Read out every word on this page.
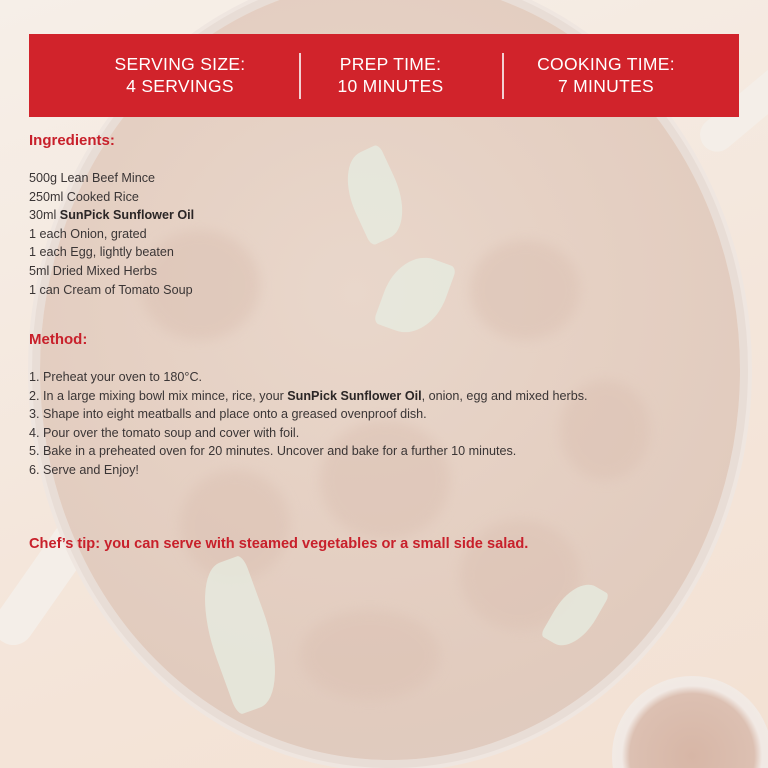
SERVING SIZE:
4 SERVINGS
PREP TIME:
10 MINUTES
COOKING TIME:
7 MINUTES
Ingredients:
500g Lean Beef Mince
250ml Cooked Rice
30ml SunPick Sunflower Oil
1 each Onion, grated
1 each Egg, lightly beaten
5ml Dried Mixed Herbs
1 can Cream of Tomato Soup
Method:
1. Preheat your oven to 180°C.
2. In a large mixing bowl mix mince, rice, your SunPick Sunflower Oil, onion, egg and mixed herbs.
3. Shape into eight meatballs and place onto a greased ovenproof dish.
4. Pour over the tomato soup and cover with foil.
5. Bake in a preheated oven for 20 minutes. Uncover and bake for a further 10 minutes.
6. Serve and Enjoy!
Chef’s tip: you can serve with steamed vegetables or a small side salad.
